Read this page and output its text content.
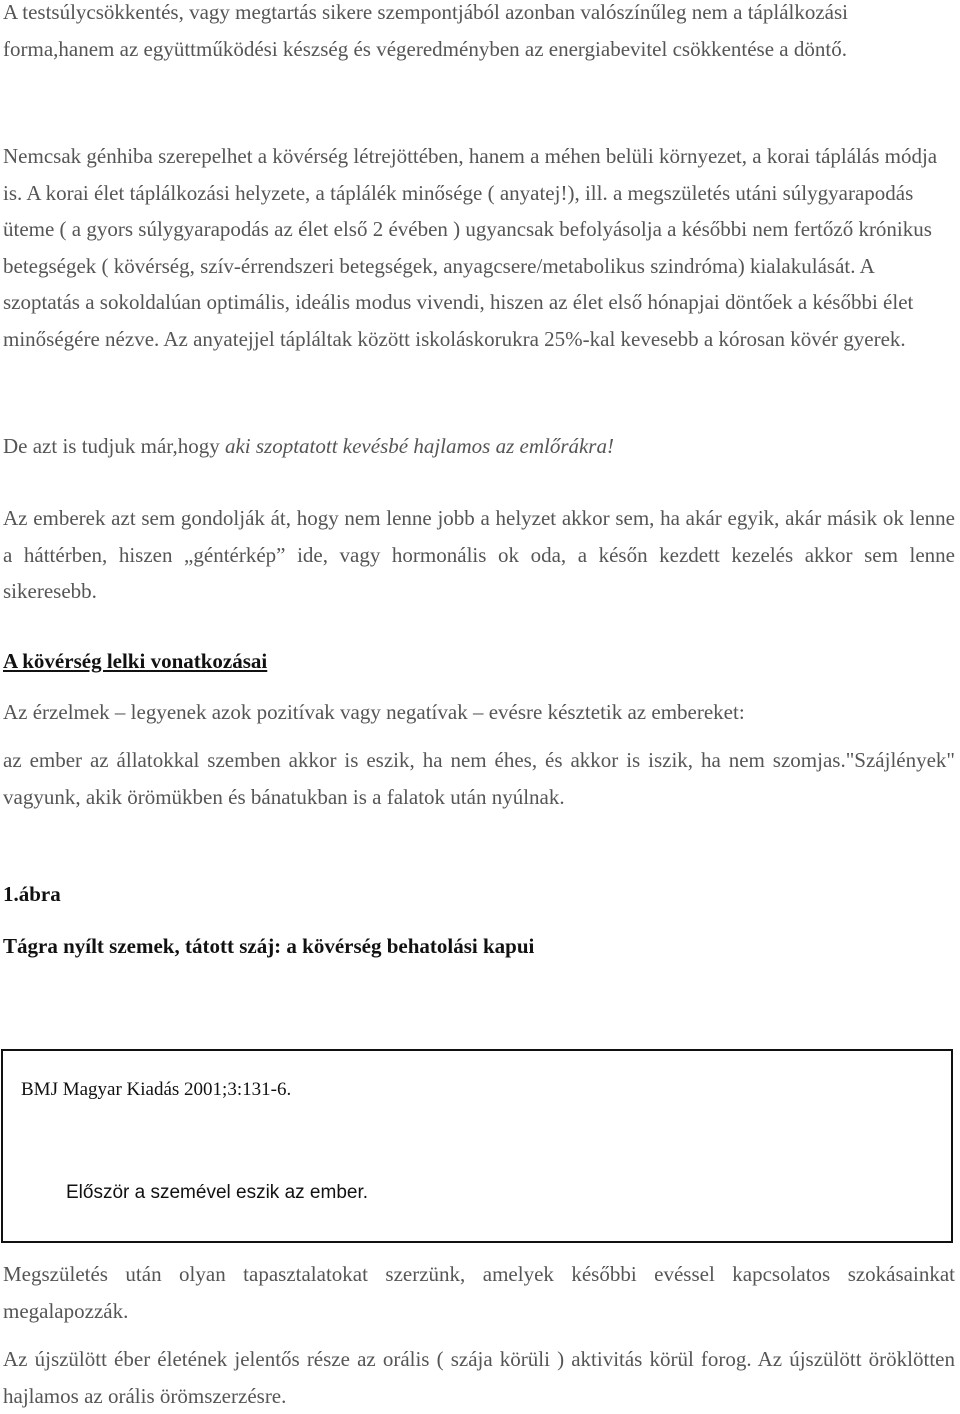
A testsúlycsökkentés, vagy megtartás sikere szempontjából azonban valószínűleg nem a táplálkozási forma,hanem az együttműködési készség és végeredményben az energiabevitel csökkentése a döntő.

Nemcsak génhiba szerepelhet a kövérség létrejöttében, hanem a méhen belüli környezet, a korai táplálás módja is. A korai élet táplálkozási helyzete, a táplálék minősége ( anyatej!), ill. a megszületés utáni súlygyarapodás üteme ( a gyors súlygyarapodás az élet első 2 évében ) ugyancsak befolyásolja a későbbi nem fertőző krónikus betegségek ( kövérség, szív-érrendszeri betegségek, anyagcsere/metabolikus szindróma) kialakulását. A szoptatás a sokoldalúan optimális, ideális modus vivendi, hiszen az élet első hónapjai döntőek a későbbi élet minőségére nézve. Az anyatejjel tápláltak között iskoláskorukra 25%-kal kevesebb a kórosan kövér gyerek.

De azt is tudjuk már,hogy aki szoptatott kevésbé hajlamos az emlőrákra!

Az emberek azt sem gondolják át, hogy nem lenne jobb a helyzet akkor sem, ha akár egyik, akár másik ok lenne a háttérben, hiszen „géntérkép” ide, vagy hormonális ok oda, a későn kezdett kezelés akkor sem lenne sikeresebb.

A kövérség lelki vonatkozásai

Az érzelmek – legyenek azok pozitívak vagy negatívak – evésre késztetik az embereket:

az ember az állatokkal szemben akkor is eszik, ha nem éhes, és akkor is iszik, ha nem szomjas."Szájlények" vagyunk, akik örömükben és bánatukban is a falatok után nyúlnak.

1.ábra

Tágra nyílt szemek, tátott száj: a kövérség behatolási kapui

BMJ Magyar Kiadás 2001;3:131-6.
Először a szemével eszik az ember.

Megszületés után olyan tapasztalatokat szerzünk, amelyek későbbi evéssel kapcsolatos szokásainkat megalapozzák.

Az újszülött éber életének jelentős része az orális ( szája körüli ) aktivitás körül forog. Az újszülött öröklötten hajlamos az orális örömszerzésre.
